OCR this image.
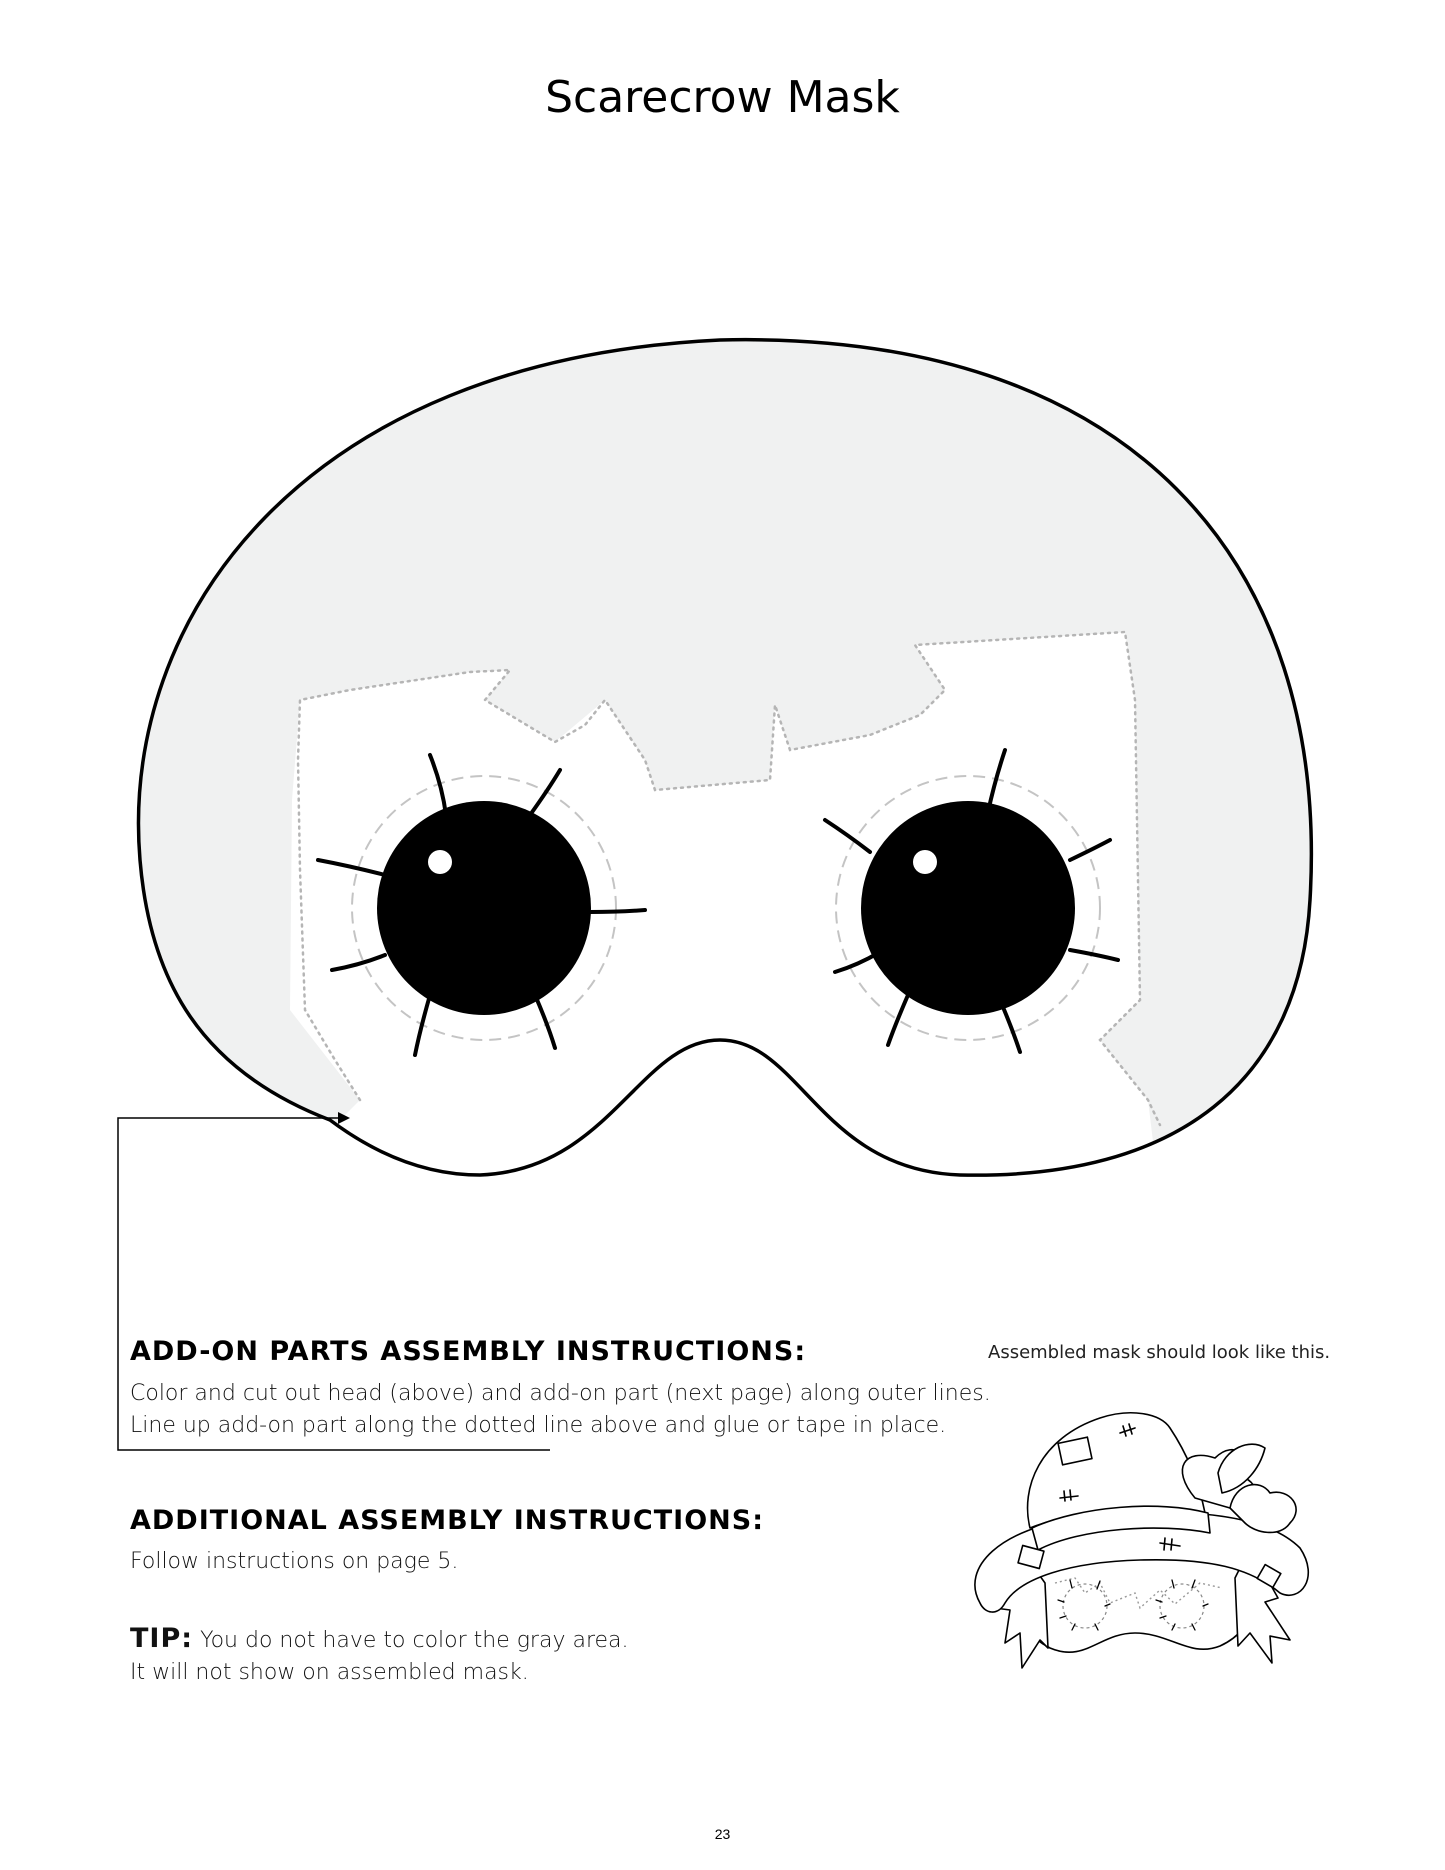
Scarecrow Mask
ADD-ON PARTS ASSEMBLY INSTRUCTIONS:
Color and cut out head (above) and add-on part (next page) along outer lines.
Line up add-on part along the dotted line above and glue or tape in place.
ADDITIONAL ASSEMBLY INSTRUCTIONS:
Follow instructions on page 5.
TIP: You do not have to color the gray area.
It will not show on assembled mask.
Assembled mask should look like this.
23
